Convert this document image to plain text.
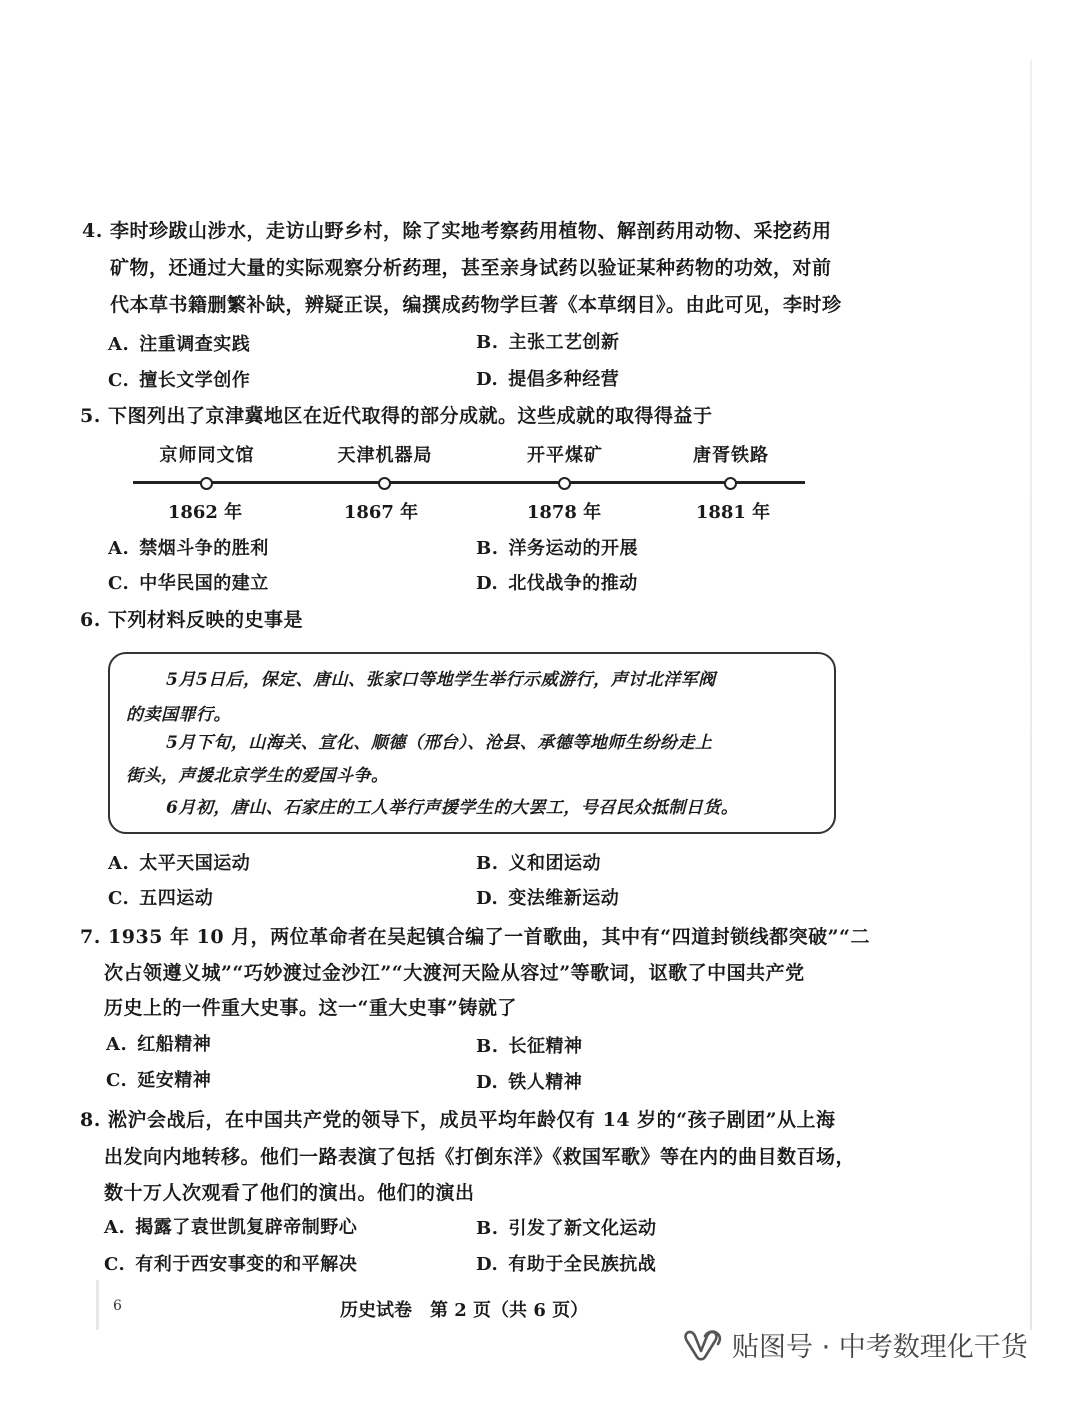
4. 李时珍跋山涉水，走访山野乡村，除了实地考察药用植物、解剖药用动物、采挖药用
矿物，还通过大量的实际观察分析药理，甚至亲身试药以验证某种药物的功效，对前
代本草书籍删繁补缺，辨疑正误，编撰成药物学巨著《本草纲目》。由此可见，李时珍
A. 注重调查实践	B. 主张工艺创新
C. 擅长文学创作	D. 提倡多种经营
5. 下图列出了京津冀地区在近代取得的部分成就。这些成就的取得得益于
京师同文馆	天津机器局	开平煤矿	唐胥铁路
1862 年	1867 年	1878 年	1881 年
A. 禁烟斗争的胜利	B. 洋务运动的开展
C. 中华民国的建立	D. 北伐战争的推动
6. 下列材料反映的史事是
5月5日后，保定、唐山、张家口等地学生举行示威游行，声讨北洋军阀
的卖国罪行。
5月下旬，山海关、宣化、顺德（邢台）、沧县、承德等地师生纷纷走上
街头，声援北京学生的爱国斗争。
6月初，唐山、石家庄的工人举行声援学生的大罢工，号召民众抵制日货。
A. 太平天国运动	B. 义和团运动
C. 五四运动	D. 变法维新运动
7. 1935 年 10 月，两位革命者在吴起镇合编了一首歌曲，其中有“四道封锁线都突破”“二
次占领遵义城”“巧妙渡过金沙江”“大渡河天险从容过”等歌词，讴歌了中国共产党
历史上的一件重大史事。这一“重大史事”铸就了
A. 红船精神	B. 长征精神
C. 延安精神	D. 铁人精神
8. 淞沪会战后，在中国共产党的领导下，成员平均年龄仅有 14 岁的“孩子剧团”从上海
出发向内地转移。他们一路表演了包括《打倒东洋》《救国军歌》等在内的曲目数百场，
数十万人次观看了他们的演出。他们的演出
A. 揭露了袁世凯复辟帝制野心	B. 引发了新文化运动
C. 有利于西安事变的和平解决	D. 有助于全民族抗战
6	历史试卷　第 2 页（共 6 页）
贴图号 · 中考数理化干货
